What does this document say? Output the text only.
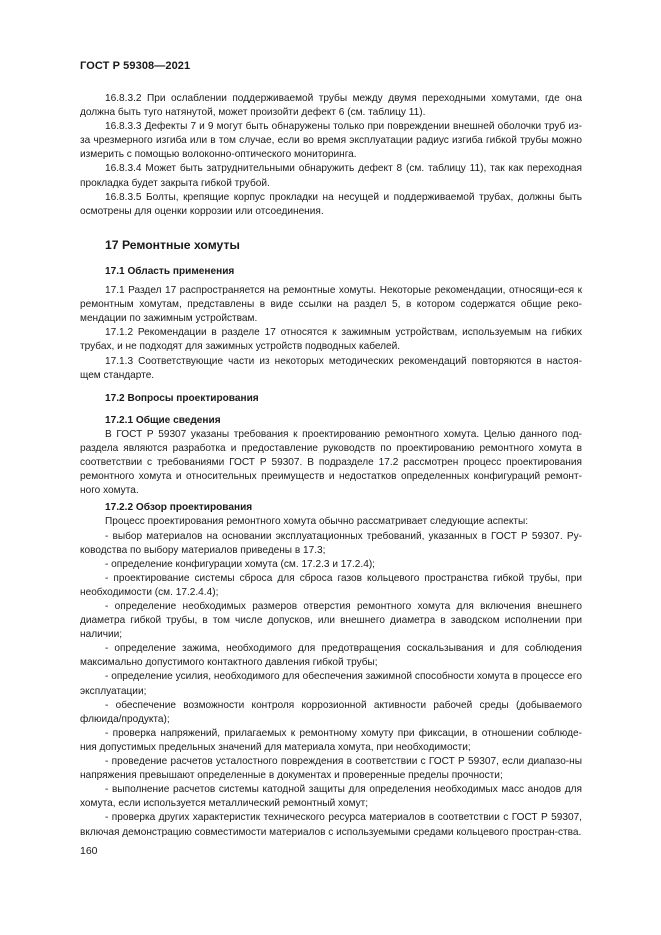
ГОСТ Р 59308—2021

16.8.3.2 При ослаблении поддерживаемой трубы между двумя переходными хомутами, где она должна быть туго натянутой, может произойти дефект 6 (см. таблицу 11).

16.8.3.3 Дефекты 7 и 9 могут быть обнаружены только при повреждении внешней оболочки труб из-за чрезмерного изгиба или в том случае, если во время эксплуатации радиус изгиба гибкой трубы можно измерить с помощью волоконно-оптического мониторинга.

16.8.3.4 Может быть затруднительными обнаружить дефект 8 (см. таблицу 11), так как переходная прокладка будет закрыта гибкой трубой.

16.8.3.5 Болты, крепящие корпус прокладки на несущей и поддерживаемой трубах, должны быть осмотрены для оценки коррозии или отсоединения.

17 Ремонтные хомуты
17.1 Область применения

17.1 Раздел 17 распространяется на ремонтные хомуты. Некоторые рекомендации, относящи-еся к ремонтным хомутам, представлены в виде ссылки на раздел 5, в котором содержатся общие реко-мендации по зажимным устройствам.

17.1.2 Рекомендации в разделе 17 относятся к зажимным устройствам, используемым на гибких трубах, и не подходят для зажимных устройств подводных кабелей.

17.1.3 Соответствующие части из некоторых методических рекомендаций повторяются в настоя-щем стандарте.

17.2 Вопросы проектирования
17.2.1 Общие сведения

В ГОСТ Р 59307 указаны требования к проектированию ремонтного хомута. Целью данного под-раздела являются разработка и предоставление руководств по проектированию ремонтного хомута в соответствии с требованиями ГОСТ Р 59307. В подразделе 17.2 рассмотрен процесс проектирования ремонтного хомута и относительных преимуществ и недостатков определенных конфигураций ремонт-ного хомута.

17.2.2 Обзор проектирования

Процесс проектирования ремонтного хомута обычно рассматривает следующие аспекты:

- выбор материалов на основании эксплуатационных требований, указанных в ГОСТ Р 59307. Ру-ководства по выбору материалов приведены в 17.3;

- определение конфигурации хомута (см. 17.2.3 и 17.2.4);

- проектирование системы сброса для сброса газов кольцевого пространства гибкой трубы, при необходимости (см. 17.2.4.4);

- определение необходимых размеров отверстия ремонтного хомута для включения внешнего диаметра гибкой трубы, в том числе допусков, или внешнего диаметра в заводском исполнении при наличии;

- определение зажима, необходимого для предотвращения соскальзывания и для соблюдения максимально допустимого контактного давления гибкой трубы;

- определение усилия, необходимого для обеспечения зажимной способности хомута в процессе его эксплуатации;

- обеспечение возможности контроля коррозионной активности рабочей среды (добываемого флюида/продукта);

- проверка напряжений, прилагаемых к ремонтному хомуту при фиксации, в отношении соблюде-ния допустимых предельных значений для материала хомута, при необходимости;

- проведение расчетов усталостного повреждения в соответствии с ГОСТ Р 59307, если диапазо-ны напряжения превышают определенные в документах и проверенные пределы прочности;

- выполнение расчетов системы катодной защиты для определения необходимых масс анодов для хомута, если используется металлический ремонтный хомут;

- проверка других характеристик технического ресурса материалов в соответствии с ГОСТ Р 59307, включая демонстрацию совместимости материалов с используемыми средами кольцевого простран-ства.

160
